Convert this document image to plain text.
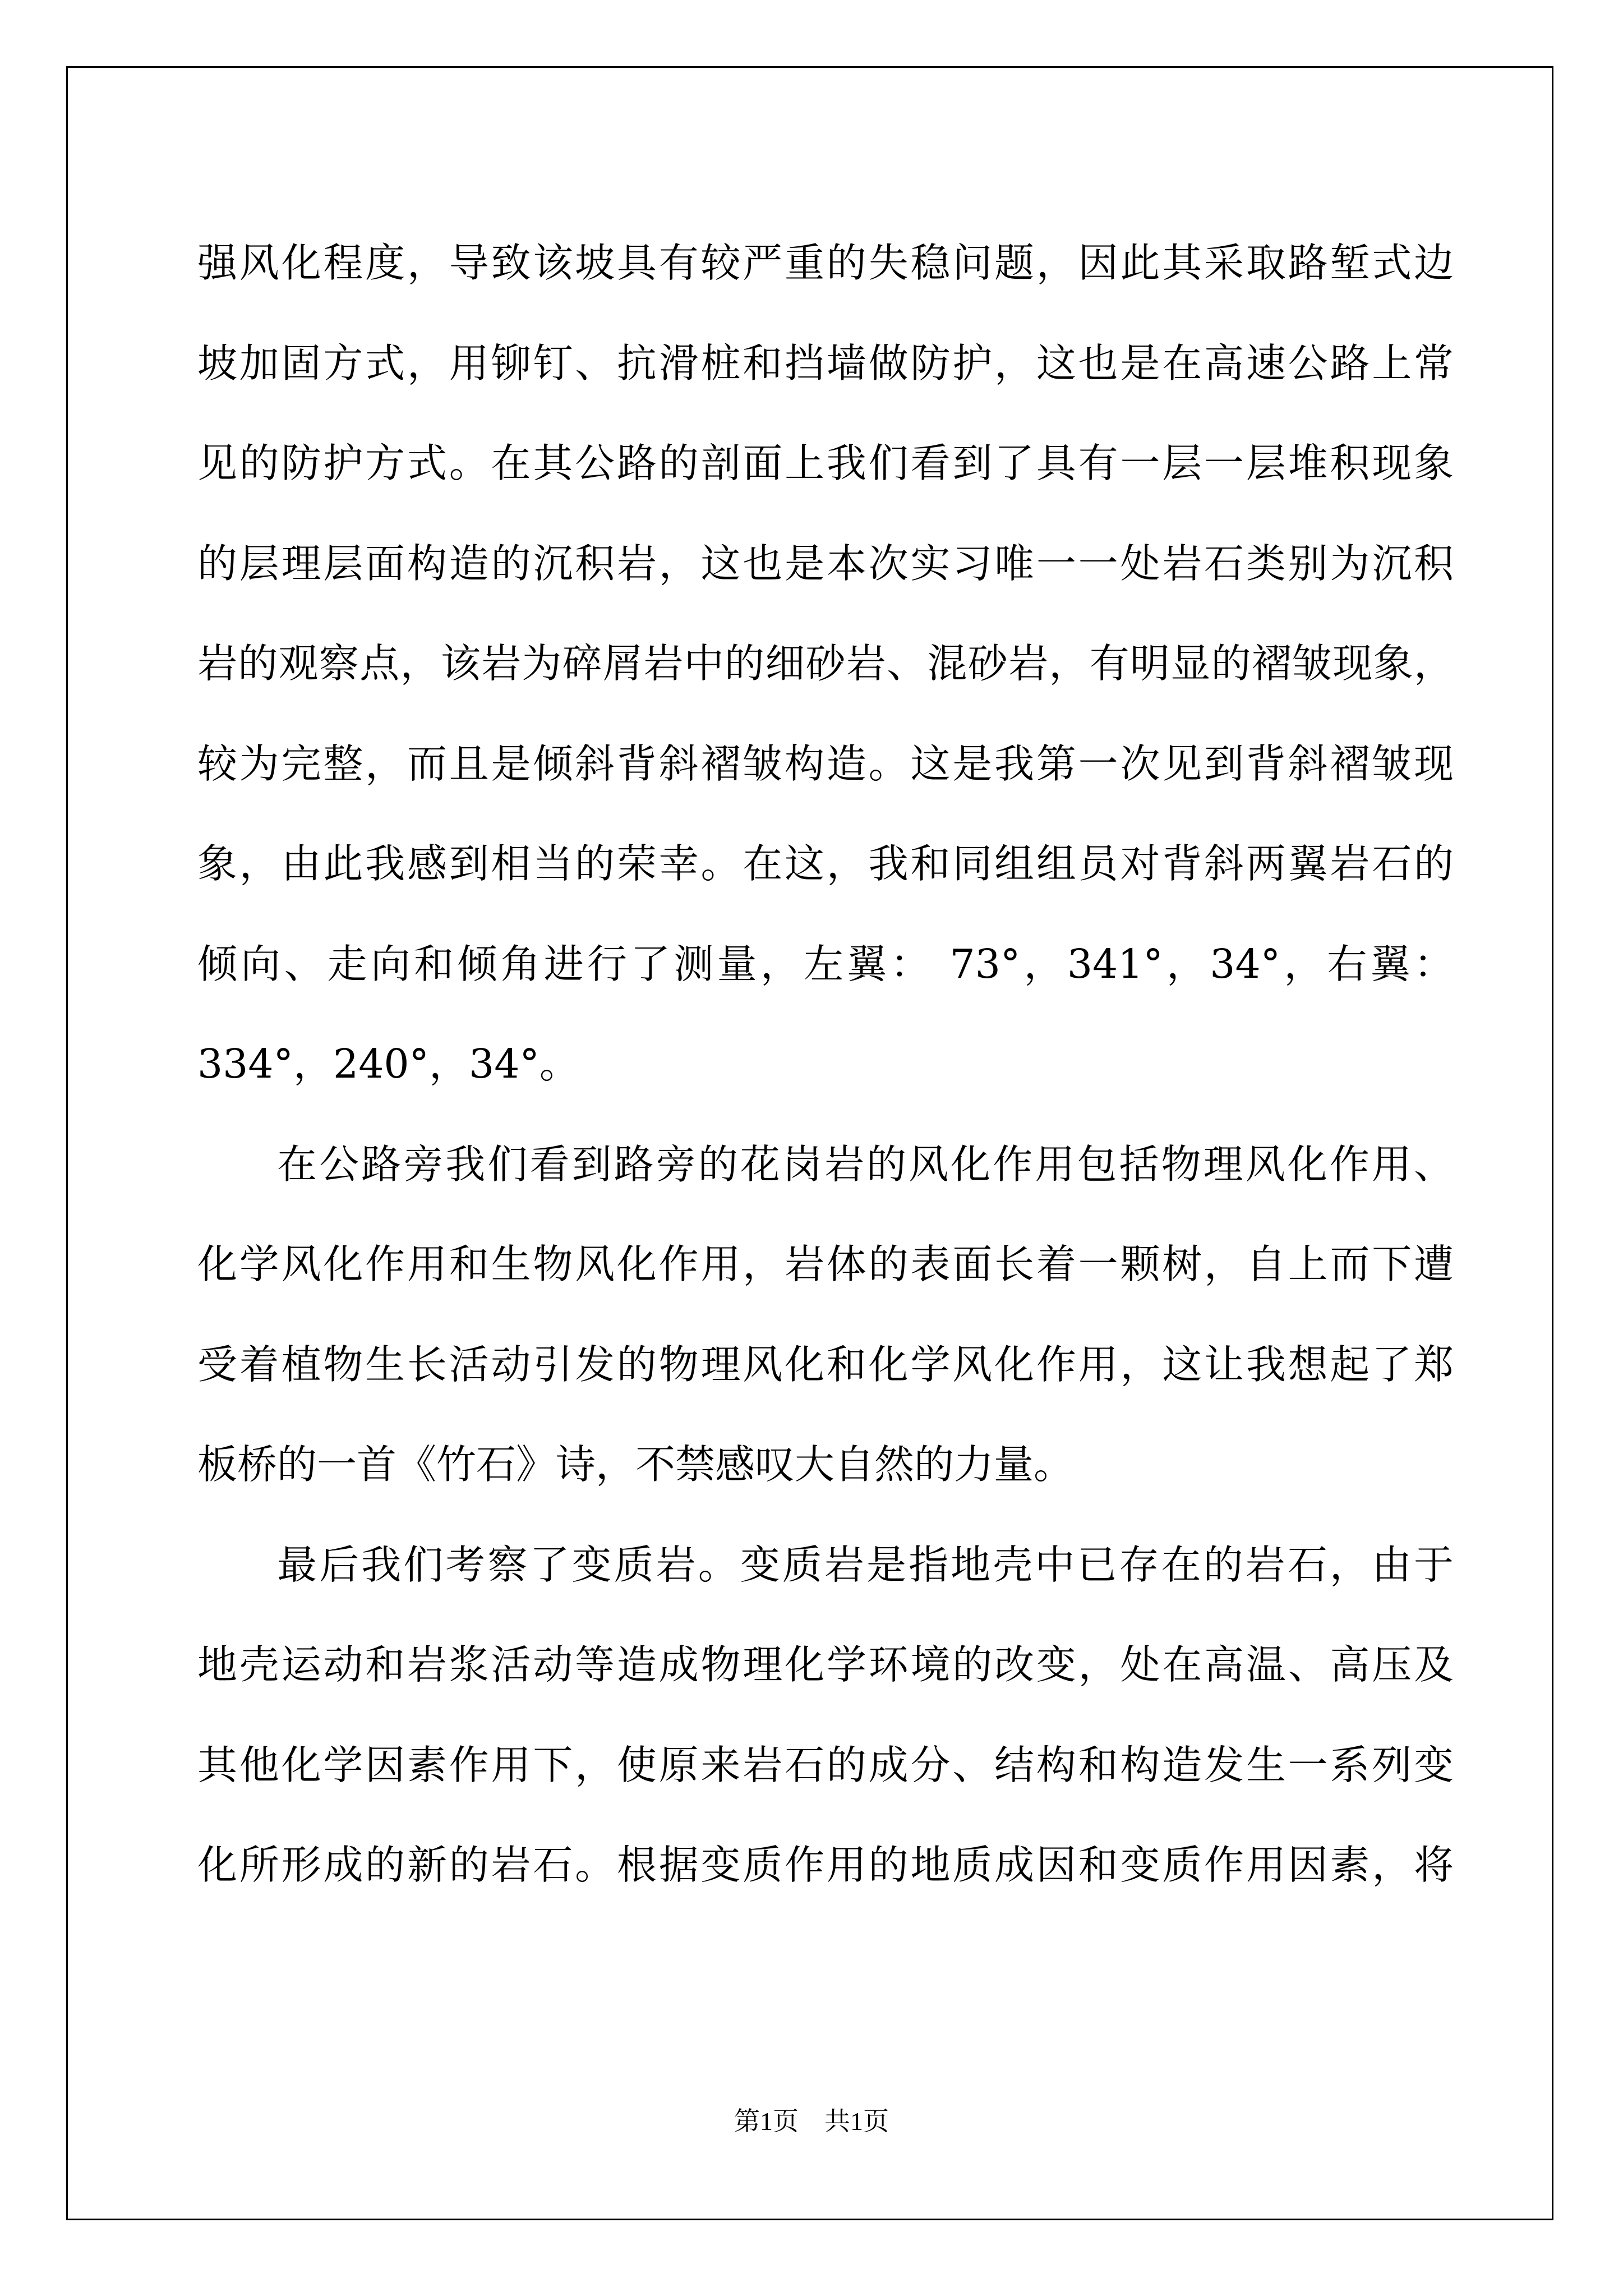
强风化程度，导致该坡具有较严重的失稳问题，因此其采取路堑式边
坡加固方式，用铆钉、抗滑桩和挡墙做防护，这也是在高速公路上常
见的防护方式。在其公路的剖面上我们看到了具有一层一层堆积现象
的层理层面构造的沉积岩，这也是本次实习唯一一处岩石类别为沉积
岩的观察点，该岩为碎屑岩中的细砂岩、混砂岩，有明显的褶皱现象，
较为完整，而且是倾斜背斜褶皱构造。这是我第一次见到背斜褶皱现
象，由此我感到相当的荣幸。在这，我和同组组员对背斜两翼岩石的
倾向、走向和倾角进行了测量，左翼： 73°，341°，34°，右翼：
334°，240°，34°。
在公路旁我们看到路旁的花岗岩的风化作用包括物理风化作用、
化学风化作用和生物风化作用，岩体的表面长着一颗树，自上而下遭
受着植物生长活动引发的物理风化和化学风化作用，这让我想起了郑
板桥的一首《竹石》诗，不禁感叹大自然的力量。
最后我们考察了变质岩。变质岩是指地壳中已存在的岩石，由于
地壳运动和岩浆活动等造成物理化学环境的改变，处在高温、高压及
其他化学因素作用下，使原来岩石的成分、结构和构造发生一系列变
化所形成的新的岩石。根据变质作用的地质成因和变质作用因素，将
第1页 共1页
